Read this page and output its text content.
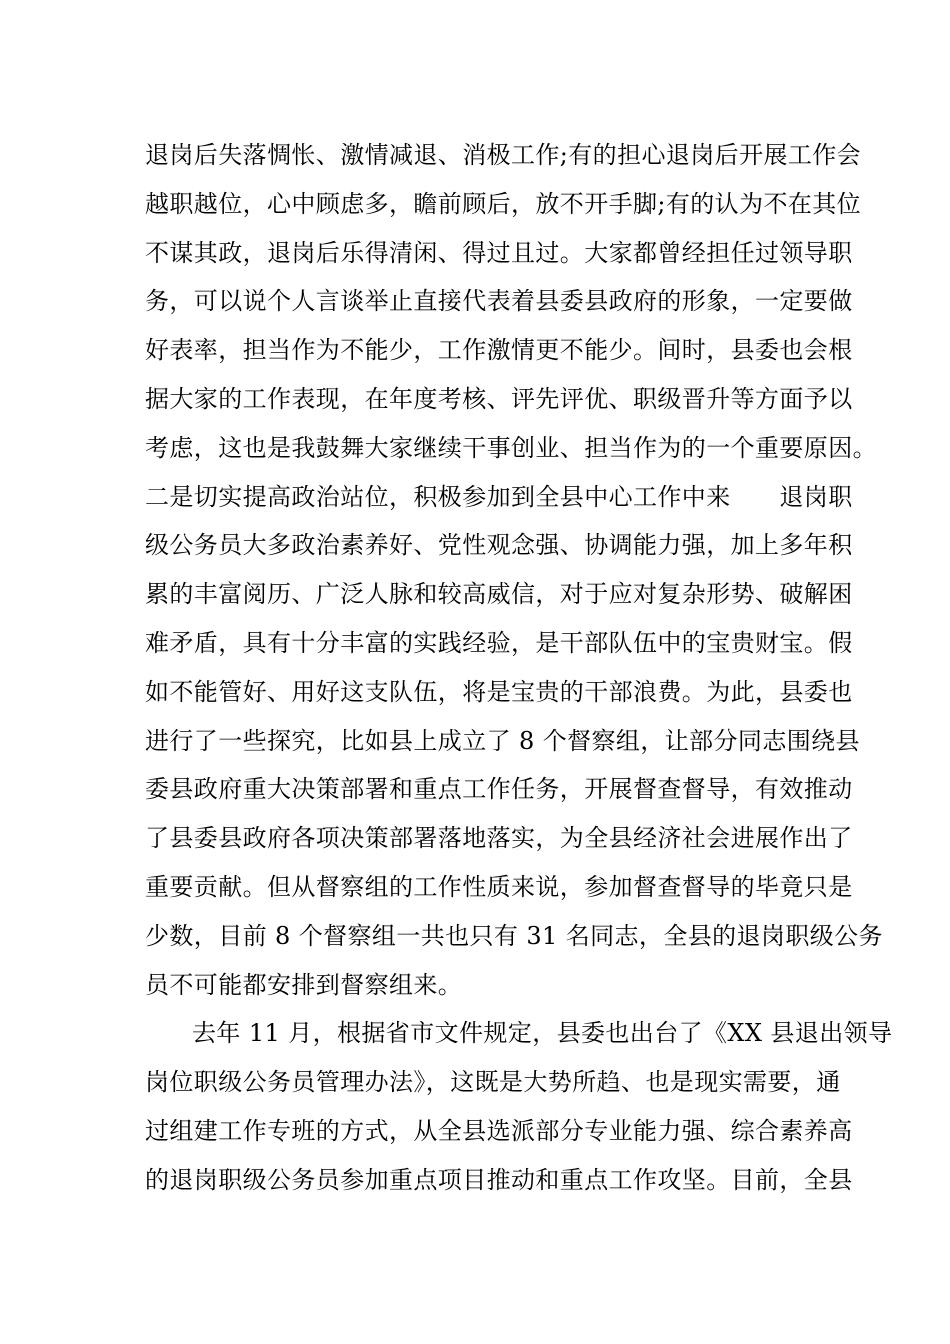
退岗后失落惆怅、激情减退、消极工作;有的担心退岗后开展工作会
越职越位，心中顾虑多，瞻前顾后，放不开手脚;有的认为不在其位
不谋其政，退岗后乐得清闲、得过且过。大家都曾经担任过领导职
务，可以说个人言谈举止直接代表着县委县政府的形象，一定要做
好表率，担当作为不能少，工作激情更不能少。间时，县委也会根
据大家的工作表现，在年度考核、评先评优、职级晋升等方面予以
考虑，这也是我鼓舞大家继续干事创业、担当作为的一个重要原因。
二是切实提高政治站位，积极参加到全县中心工作中来　　退岗职
级公务员大多政治素养好、党性观念强、协调能力强，加上多年积
累的丰富阅历、广泛人脉和较高威信，对于应对复杂形势、破解困
难矛盾，具有十分丰富的实践经验，是干部队伍中的宝贵财宝。假
如不能管好、用好这支队伍，将是宝贵的干部浪费。为此，县委也
进行了一些探究，比如县上成立了 8 个督察组，让部分同志围绕县
委县政府重大决策部署和重点工作任务，开展督查督导，有效推动
了县委县政府各项决策部署落地落实，为全县经济社会进展作出了
重要贡献。但从督察组的工作性质来说，参加督查督导的毕竟只是
少数，目前 8 个督察组一共也只有 31 名同志，全县的退岗职级公务
员不可能都安排到督察组来。
去年 11 月，根据省市文件规定，县委也出台了《XX 县退出领导
岗位职级公务员管理办法》，这既是大势所趋、也是现实需要，通
过组建工作专班的方式，从全县选派部分专业能力强、综合素养高
的退岗职级公务员参加重点项目推动和重点工作攻坚。目前，全县
